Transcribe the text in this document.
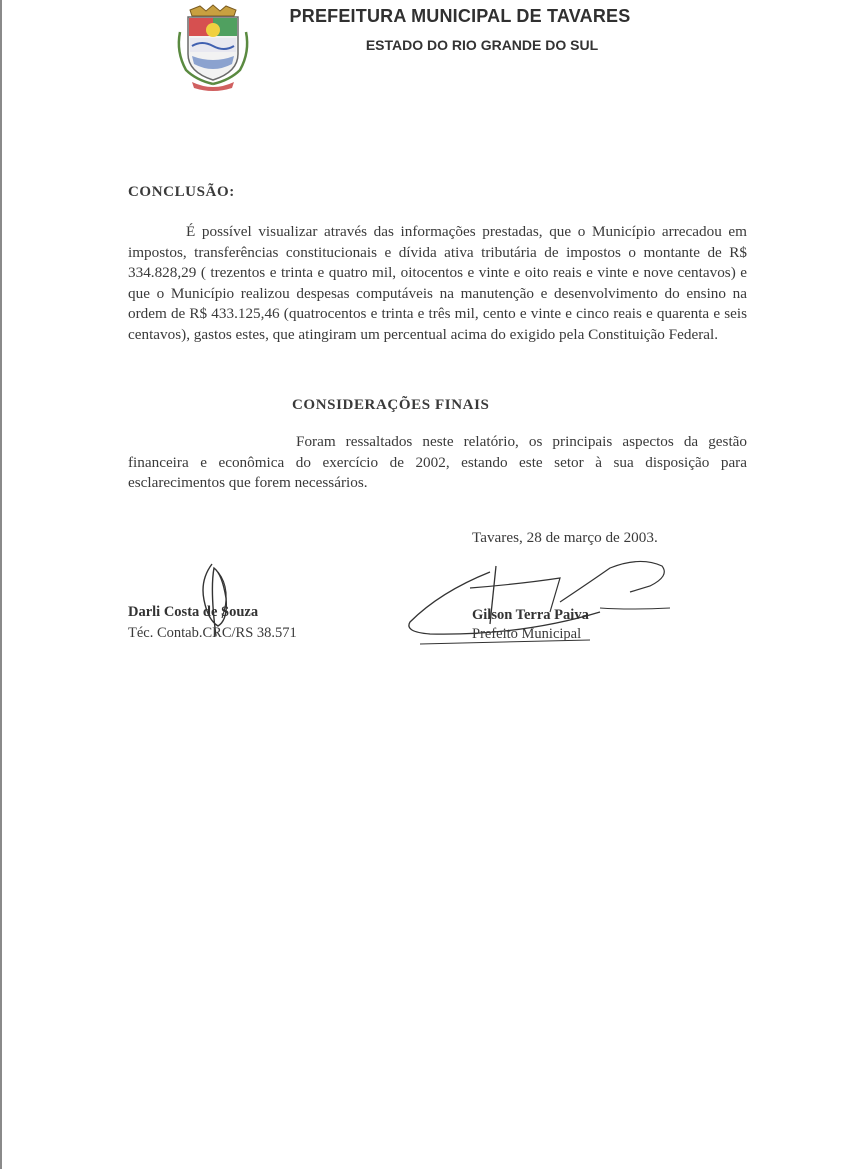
PREFEITURA MUNICIPAL DE TAVARES
ESTADO DO RIO GRANDE DO SUL
CONCLUSÃO:
É possível visualizar através das informações prestadas, que o Município arrecadou em impostos, transferências constitucionais e dívida ativa tributária de impostos o montante de R$ 334.828,29 ( trezentos e trinta e quatro mil, oitocentos e vinte e oito reais e vinte e nove centavos) e que o Município realizou despesas computáveis na manutenção e desenvolvimento do ensino na ordem de R$ 433.125,46 (quatrocentos e trinta e três mil, cento e vinte e cinco reais e quarenta e seis centavos), gastos estes, que atingiram um percentual acima do exigido pela Constituição Federal.
CONSIDERAÇÕES FINAIS
Foram ressaltados neste relatório, os principais aspectos da gestão financeira e econômica do exercício de 2002, estando este setor à sua disposição para esclarecimentos que forem necessários.
Tavares, 28 de março de 2003.
Darli Costa de Souza
Téc. Contab.CRC/RS 38.571
Gilson Terra Paiva
Prefeito Municipal
